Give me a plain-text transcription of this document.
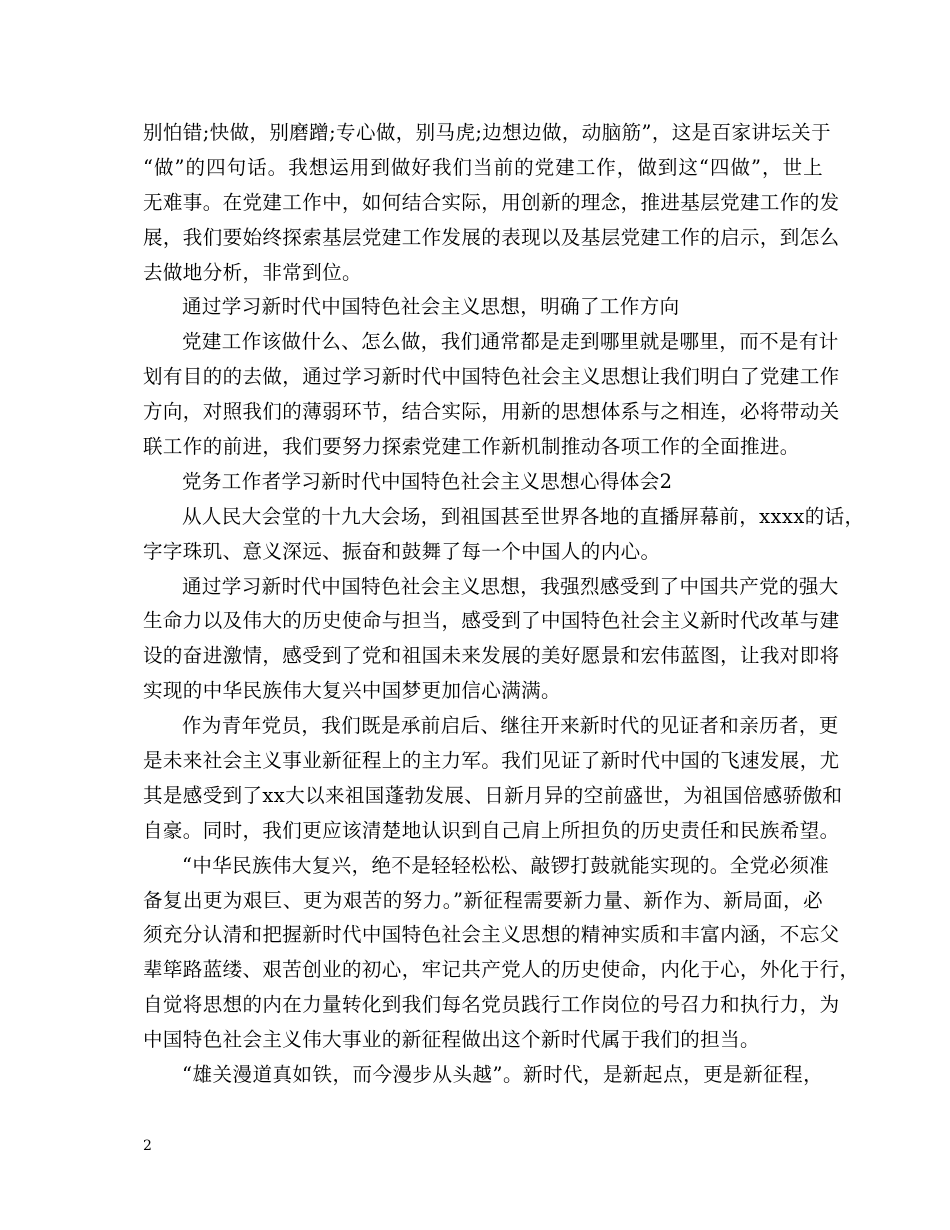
别怕错;快做，别磨蹭;专心做，别马虎;边想边做，动脑筋”，这是百家讲坛关于
“做”的四句话。我想运用到做好我们当前的党建工作，做到这“四做”，世上
无难事。在党建工作中，如何结合实际，用创新的理念，推进基层党建工作的发
展，我们要始终探索基层党建工作发展的表现以及基层党建工作的启示，到怎么
去做地分析，非常到位。
通过学习新时代中国特色社会主义思想，明确了工作方向
党建工作该做什么、怎么做，我们通常都是走到哪里就是哪里，而不是有计
划有目的的去做，通过学习新时代中国特色社会主义思想让我们明白了党建工作
方向，对照我们的薄弱环节，结合实际，用新的思想体系与之相连，必将带动关
联工作的前进，我们要努力探索党建工作新机制推动各项工作的全面推进。
党务工作者学习新时代中国特色社会主义思想心得体会2
从人民大会堂的十九大会场，到祖国甚至世界各地的直播屏幕前，xxxx的话，
字字珠玑、意义深远、振奋和鼓舞了每一个中国人的内心。
通过学习新时代中国特色社会主义思想，我强烈感受到了中国共产党的强大
生命力以及伟大的历史使命与担当，感受到了中国特色社会主义新时代改革与建
设的奋进激情，感受到了党和祖国未来发展的美好愿景和宏伟蓝图，让我对即将
实现的中华民族伟大复兴中国梦更加信心满满。
作为青年党员，我们既是承前启后、继往开来新时代的见证者和亲历者，更
是未来社会主义事业新征程上的主力军。我们见证了新时代中国的飞速发展，尤
其是感受到了xx大以来祖国蓬勃发展、日新月异的空前盛世，为祖国倍感骄傲和
自豪。同时，我们更应该清楚地认识到自己肩上所担负的历史责任和民族希望。
“中华民族伟大复兴，绝不是轻轻松松、敲锣打鼓就能实现的。全党必须准
备复出更为艰巨、更为艰苦的努力。”新征程需要新力量、新作为、新局面，必
须充分认清和把握新时代中国特色社会主义思想的精神实质和丰富内涵，不忘父
辈筚路蓝缕、艰苦创业的初心，牢记共产党人的历史使命，内化于心，外化于行，
自觉将思想的内在力量转化到我们每名党员践行工作岗位的号召力和执行力，为
中国特色社会主义伟大事业的新征程做出这个新时代属于我们的担当。
“雄关漫道真如铁，而今漫步从头越”。新时代，是新起点，更是新征程，
2
